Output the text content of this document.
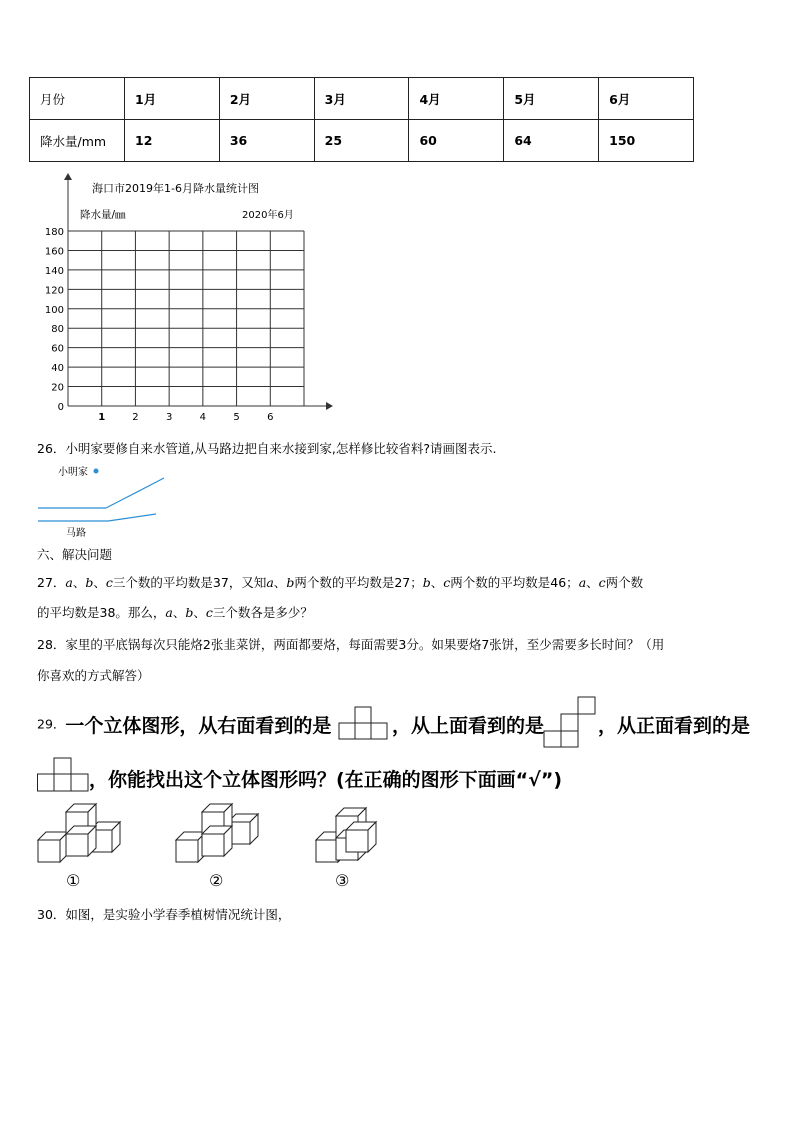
月份	1月	2月	3月	4月	5月	6月
降水量/mm	12	36	25	60	64	150
海口市2019年1-6月降水量统计图
降水量/㎜	2020年6月
0
20
40
60
80
100
120
140
160
180
1	2	3	4	5	6
26．小明家要修自来水管道,从马路边把自来水接到家,怎样修比较省料?请画图表示.
小明家
马路
六、解决问题
27．a、b、c三个数的平均数是37，又知a、b两个数的平均数是27；b、c两个数的平均数是46；a、c两个数
的平均数是38。那么，a、b、c三个数各是多少？
28．家里的平底锅每次只能烙2张韭菜饼，两面都要烙，每面需要3分。如果要烙7张饼，至少需要多长时间？（用
你喜欢的方式解答）
29．一个立体图形，从右面看到的是	，从上面看到的是	，从正面看到的是
，你能找出这个立体图形吗？(在正确的图形下面画“√”)
①	②	③
30．如图，是实验小学春季植树情况统计图，
